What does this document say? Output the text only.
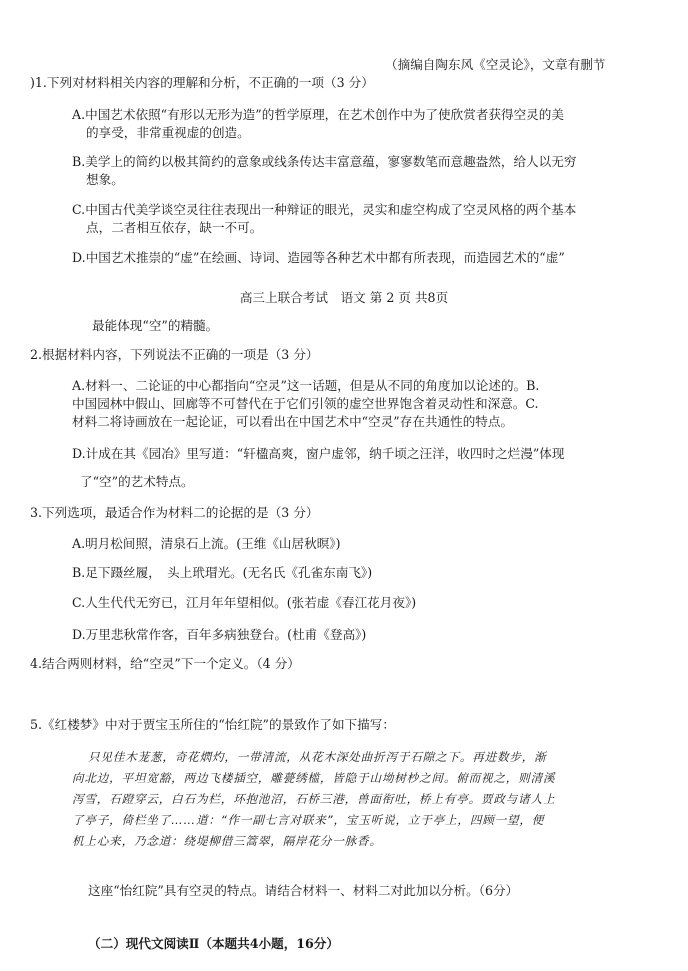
（摘编自陶东风《空灵论》，文章有删节
)1.下列对材料相关内容的理解和分析，不正确的一项（3 分）
A.中国艺术依照“有形以无形为造”的哲学原理，在艺术创作中为了使欣赏者获得空灵的美
的享受，非常重视虚的创造。
B.美学上的简约以极其简约的意象或线条传达丰富意蕴，寥寥数笔而意趣盎然，给人以无穷
想象。
C.中国古代美学谈空灵往往表现出一种辩证的眼光，灵实和虚空构成了空灵风格的两个基本
点，二者相互依存，缺一不可。
D.中国艺术推崇的“虚”在绘画、诗词、造园等各种艺术中都有所表现，而造园艺术的“虚”
高三上联合考试　语文 第 2 页 共8页
最能体现“空”的精髓。
2.根据材料内容，下列说法不正确的一项是（3 分）
A.材料一、二论证的中心都指向“空灵”这一话题，但是从不同的角度加以论述的。B.
中国园林中假山、回廊等不可替代在于它们引领的虚空世界饱含着灵动性和深意。C.
材料二将诗画放在一起论证，可以看出在中国艺术中“空灵”存在共通性的特点。
D.计成在其《园冶》里写道：“轩楹高爽，窗户虚邻，纳千顷之汪洋，收四时之烂漫”体现
了“空”的艺术特点。
3.下列选项，最适合作为材料二的论据的是（3 分）
A.明月松间照，清泉石上流。(王维《山居秋暝》)
B.足下蹑丝履，　头上玳瑁光。(无名氏《孔雀东南飞》)
C.人生代代无穷已，江月年年望相似。(张若虚《春江花月夜》)
D.万里悲秋常作客，百年多病独登台。(杜甫《登高》)
4.结合两则材料，给“空灵”下一个定义。（4 分）
5.《红楼梦》中对于贾宝玉所住的“怡红院”的景致作了如下描写：
只见佳木茏葱，奇花熌灼，一带清流，从花木深处曲折泻于石隙之下。再进数步，渐
向北边，平坦宽豁，两边飞楼插空，雕甍绣槛，皆隐于山坳树杪之间。俯而视之，则清溪
泻雪，石蹬穿云，白石为栏，环抱池沼，石桥三港，兽面衔吐，桥上有亭。贾政与诸人上
了亭子，倚栏坐了……道：“作一副七言对联来”，宝玉听说，立于亭上，四顾一望，便
机上心来，乃念道：绕堤柳借三篙翠，隔岸花分一脉香。
这座“怡红院”具有空灵的特点。请结合材料一、材料二对此加以分析。（6分）
（二）现代文阅读Ⅱ（本题共4小题，16分）
